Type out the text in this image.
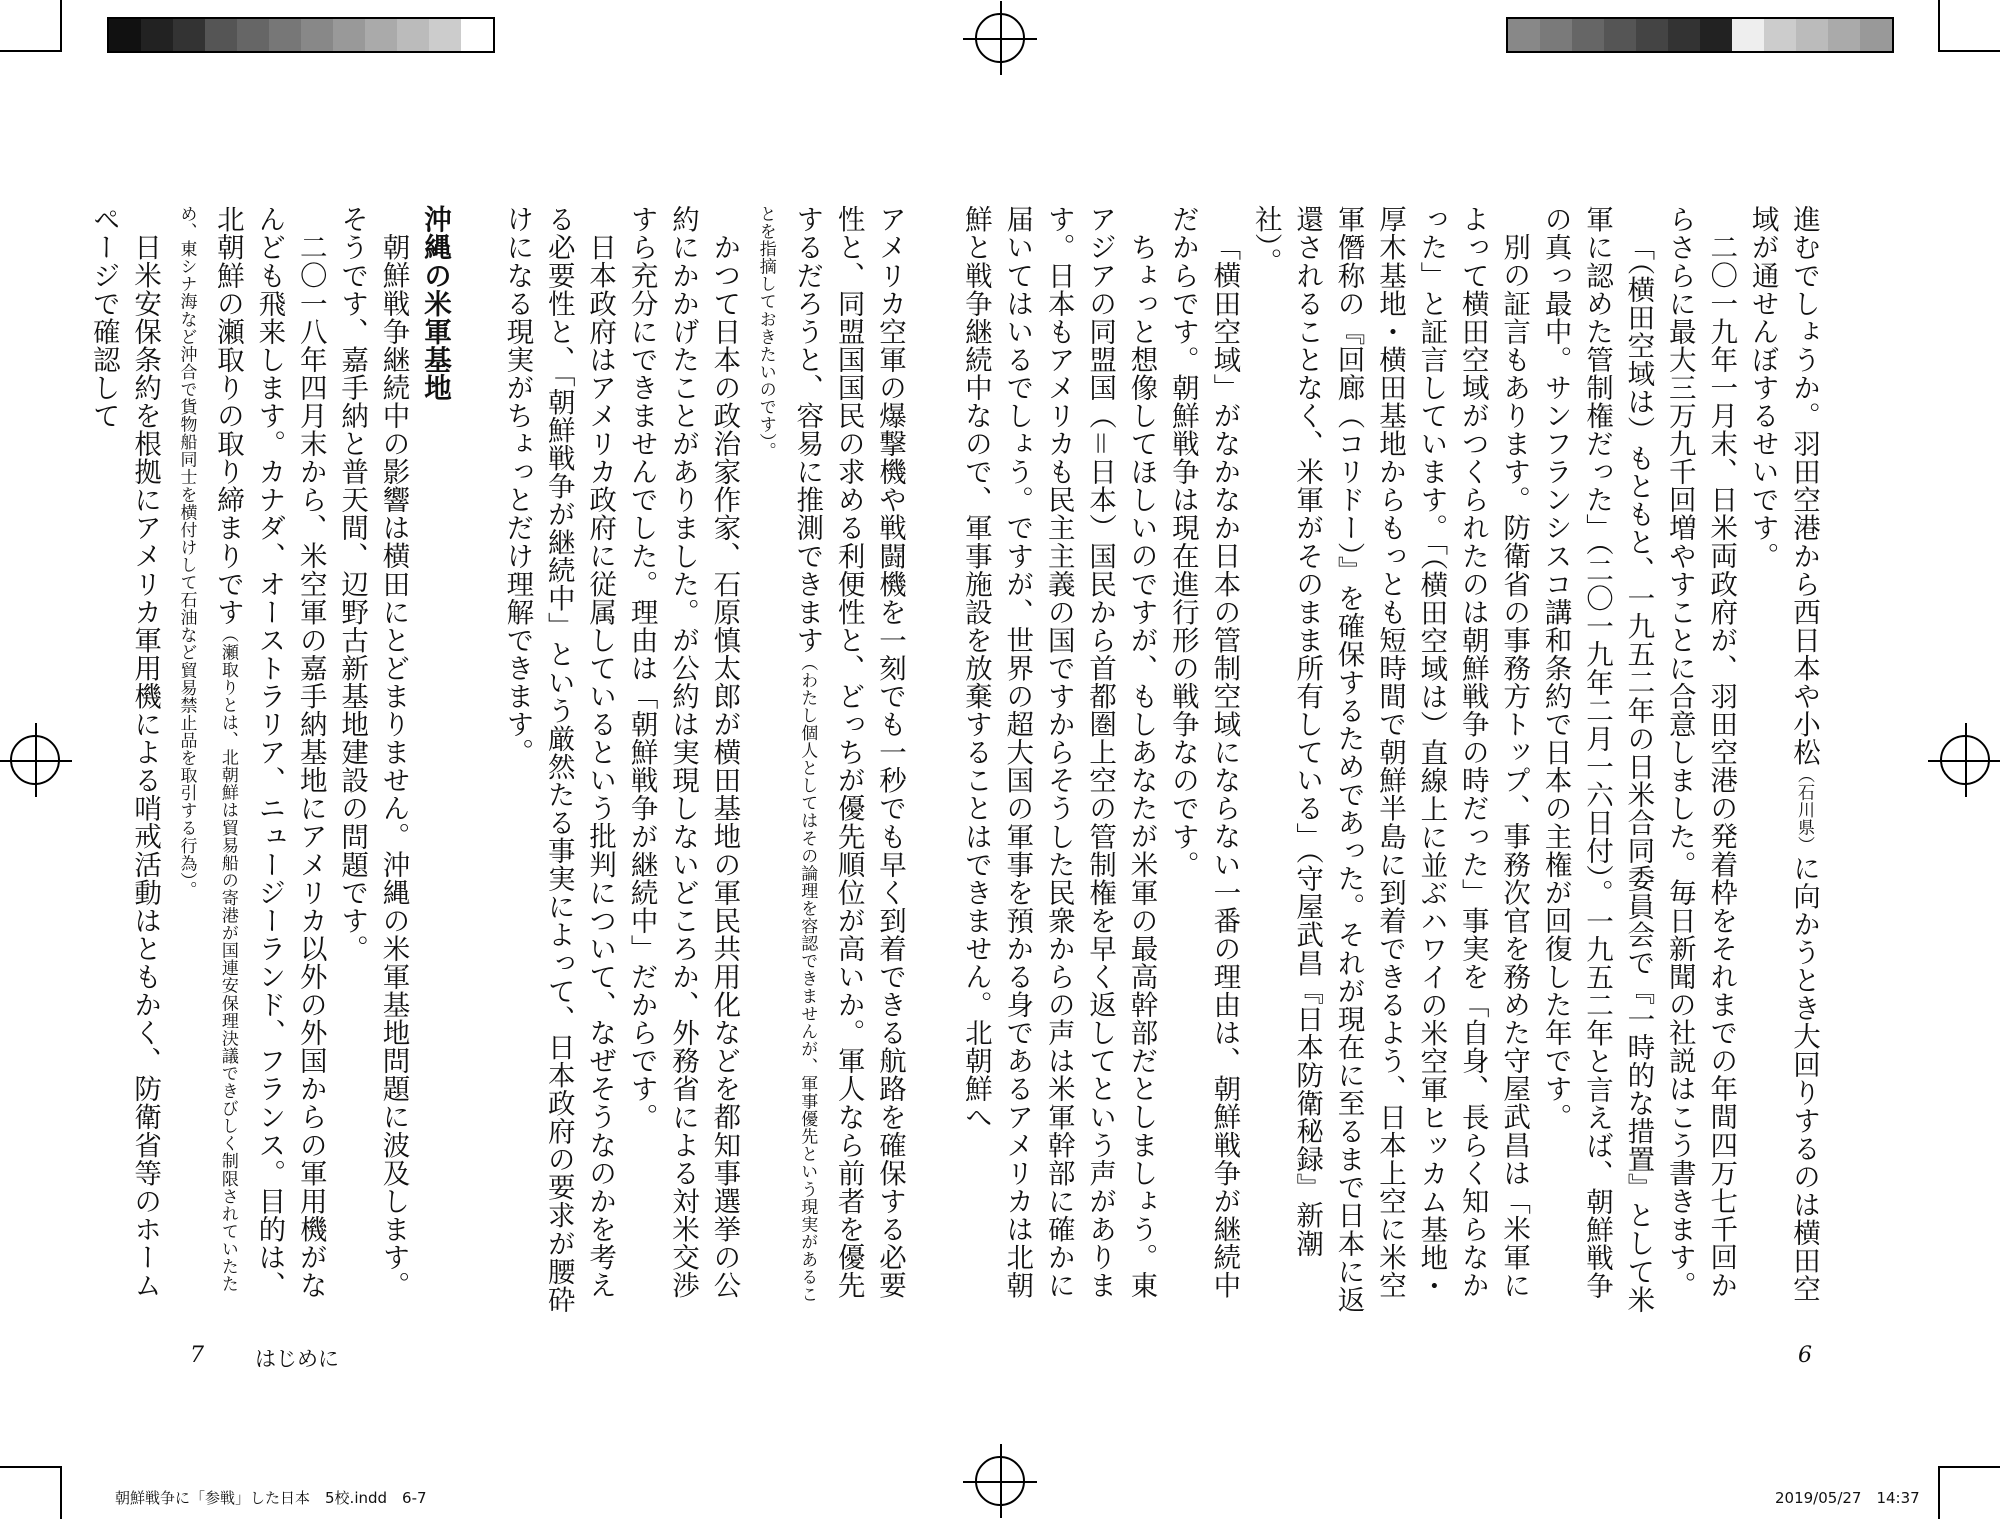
アメリカ空軍の爆撃機や戦闘機を一刻でも一秒でも早く到着できる航路を確保する必要性と、同盟国国民の求める利便性と、どっちが優先順位が高いか。軍人なら前者を優先するだろうと、容易に推測できます（わたし個人としてはその論理を容認できませんが、軍事優先という現実があることを指摘しておきたいのです）。

かつて日本の政治家作家、石原慎太郎が横田基地の軍民共用化などを都知事選挙の公約にかかげたことがありました。が公約は実現しないどころか、外務省による対米交渉すら充分にできませんでした。理由は「朝鮮戦争が継続中」だからです。

日本政府はアメリカ政府に従属しているという批判について、なぜそうなのかを考える必要性と、「朝鮮戦争が継続中」という厳然たる事実によって、日本政府の要求が腰砕けになる現実がちょっとだけ理解できます。

沖縄の米軍基地

朝鮮戦争継続中の影響は横田にとどまりません。沖縄の米軍基地問題に波及します。そうです、嘉手納と普天間、辺野古新基地建設の問題です。

二〇一八年四月末から、米空軍の嘉手納基地にアメリカ以外の外国からの軍用機がなんども飛来します。カナダ、オーストラリア、ニュージーランド、フランス。目的は、北朝鮮の瀬取りの取り締まりです（瀬取りとは、北朝鮮は貿易船の寄港が国連安保理決議できびしく制限されていたため、東シナ海など沖合で貨物船同士を横付けして石油など貿易禁止品を取引する行為）。

日米安保条約を根拠にアメリカ軍用機による哨戒活動はともかく、防衛省等のホームページで確認して

7 はじめに
朝鮮戦争に「参戦」した日本　5校.indd　6-7

進むでしょうか。羽田空港から西日本や小松（石川県）に向かうとき大回りするのは横田空域が通せんぼするせいです。

二〇一九年一月末、日米両政府が、羽田空港の発着枠をそれまでの年間四万七千回からさらに最大三万九千回増やすことに合意しました。毎日新聞の社説はこう書きます。

「（横田空域は）もともと、一九五二年の日米合同委員会で『一時的な措置』として米軍に認めた管制権だった」（二〇一九年二月一六日付）。一九五二年と言えば、朝鮮戦争の真っ最中。サンフランシスコ講和条約で日本の主権が回復した年です。

別の証言もあります。防衛省の事務方トップ、事務次官を務めた守屋武昌は「米軍によって横田空域がつくられたのは朝鮮戦争の時だった」事実を「自身、長らく知らなかった」と証言しています。「（横田空域は）直線上に並ぶハワイの米空軍ヒッカム基地・厚木基地・横田基地からもっとも短時間で朝鮮半島に到着できるよう、日本上空に米空軍僭称の『回廊（コリドー）』を確保するためであった。それが現在に至るまで日本に返還されることなく、米軍がそのまま所有している」（守屋武昌『日本防衛秘録』新潮社）。

「横田空域」がなかなか日本の管制空域にならない一番の理由は、朝鮮戦争が継続中だからです。朝鮮戦争は現在進行形の戦争なのです。

ちょっと想像してほしいのですが、もしあなたが米軍の最高幹部だとしましょう。東アジアの同盟国（＝日本）国民から首都圏上空の管制権を早く返してという声があります。日本もアメリカも民主主義の国ですからそうした民衆からの声は米軍幹部に確かに届いてはいるでしょう。ですが、世界の超大国の軍事を預かる身であるアメリカは北朝鮮と戦争継続中なので、軍事施設を放棄することはできません。北朝鮮へ

6
2019/05/27　14:37
